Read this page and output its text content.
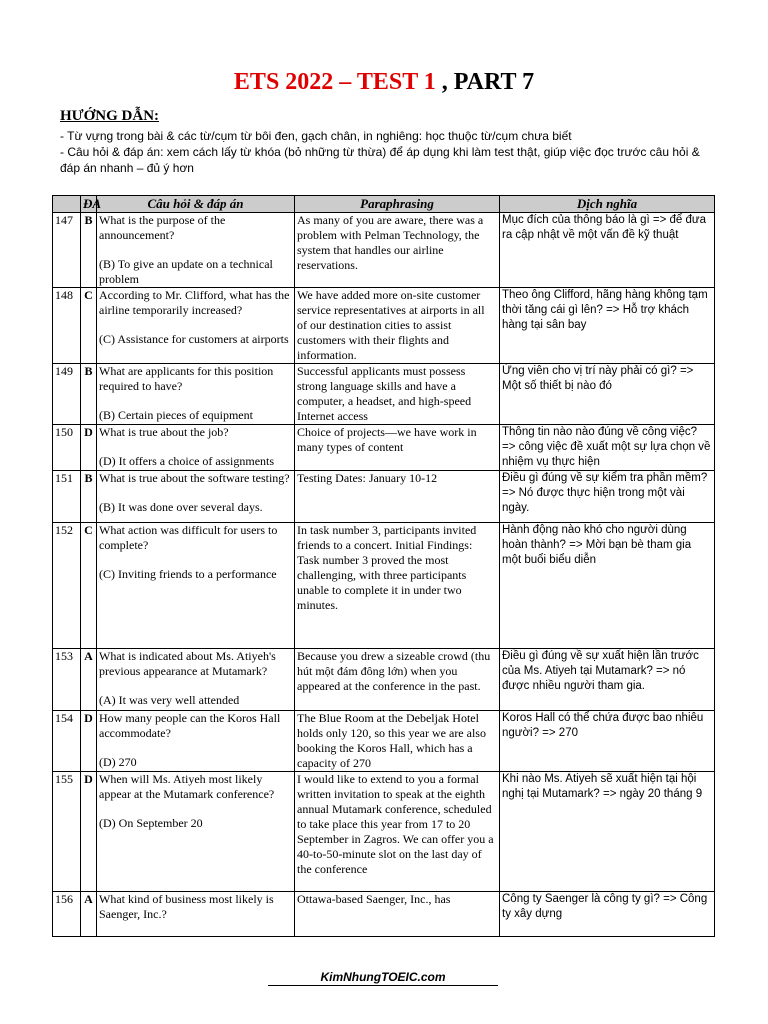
ETS 2022 – TEST 1 , PART 7
HƯỚNG DẪN:
- Từ vựng trong bài & các từ/cụm từ bôi đen, gạch chân, in nghiêng: học thuộc từ/cụm chưa biết
- Câu hỏi & đáp án: xem cách lấy từ khóa (bỏ những từ thừa) để áp dụng khi làm test thật, giúp việc đọc trước câu hỏi & đáp án nhanh – đủ ý hơn
	ĐA	Câu hỏi & đáp án	Paraphrasing	Dịch nghĩa
147	B	What is the purpose of the announcement?
(B) To give an update on a technical problem	As many of you are aware, there was a problem with Pelman Technology, the system that handles our airline reservations.	Mục đích của thông báo là gì => để đưa ra cập nhật về một vấn đề kỹ thuật
148	C	According to Mr. Clifford, what has the airline temporarily increased?
(C) Assistance for customers at airports	We have added more on-site customer service representatives at airports in all of our destination cities to assist customers with their flights and information.	Theo ông Clifford, hãng hàng không tạm thời tăng cái gì lên? => Hỗ trợ khách hàng tại sân bay
149	B	What are applicants for this position required to have?
(B) Certain pieces of equipment	Successful applicants must possess strong language skills and have a computer, a headset, and high-speed Internet access	Ứng viên cho vị trí này phải có gì? => Một số thiết bị nào đó
150	D	What is true about the job?
(D) It offers a choice of assignments	Choice of projects—we have work in many types of content	Thông tin nào nào đúng về công việc? => công việc đề xuất một sự lựa chọn về nhiệm vụ thực hiện
151	B	What is true about the software testing?
(B) It was done over several days.	Testing Dates: January 10-12	Điều gì đúng về sự kiểm tra phần mềm? => Nó được thực hiện trong một vài ngày.
152	C	What action was difficult for users to complete?
(C) Inviting friends to a performance	In task number 3, participants invited friends to a concert. Initial Findings: Task number 3 proved the most challenging, with three participants unable to complete it in under two minutes.	Hành động nào khó cho người dùng hoàn thành? => Mời bạn bè tham gia một buổi biểu diễn
153	A	What is indicated about Ms. Atiyeh's previous appearance at Mutamark?
(A) It was very well attended	Because you drew a sizeable crowd (thu hút một đám đông lớn) when you appeared at the conference in the past.	Điều gì đúng về sự xuất hiện lần trước của Ms. Atiyeh tại Mutamark? => nó được nhiều người tham gia.
154	D	How many people can the Koros Hall accommodate?
(D) 270	The Blue Room at the Debeljak Hotel holds only 120, so this year we are also booking the Koros Hall, which has a capacity of 270	Koros Hall có thể chứa được bao nhiêu người? => 270
155	D	When will Ms. Atiyeh most likely appear at the Mutamark conference?
(D) On September 20	I would like to extend to you a formal written invitation to speak at the eighth annual Mutamark conference, scheduled to take place this year from 17 to 20 September in Zagros. We can offer you a 40-to-50-minute slot on the last day of the conference	Khi nào Ms. Atiyeh sẽ xuất hiện tại hội nghị tại Mutamark? => ngày 20 tháng 9
156	A	What kind of business most likely is Saenger, Inc.?	Ottawa-based Saenger, Inc., has	Công ty Saenger là công ty gì? => Công ty xây dựng
KimNhungTOEIC.com
